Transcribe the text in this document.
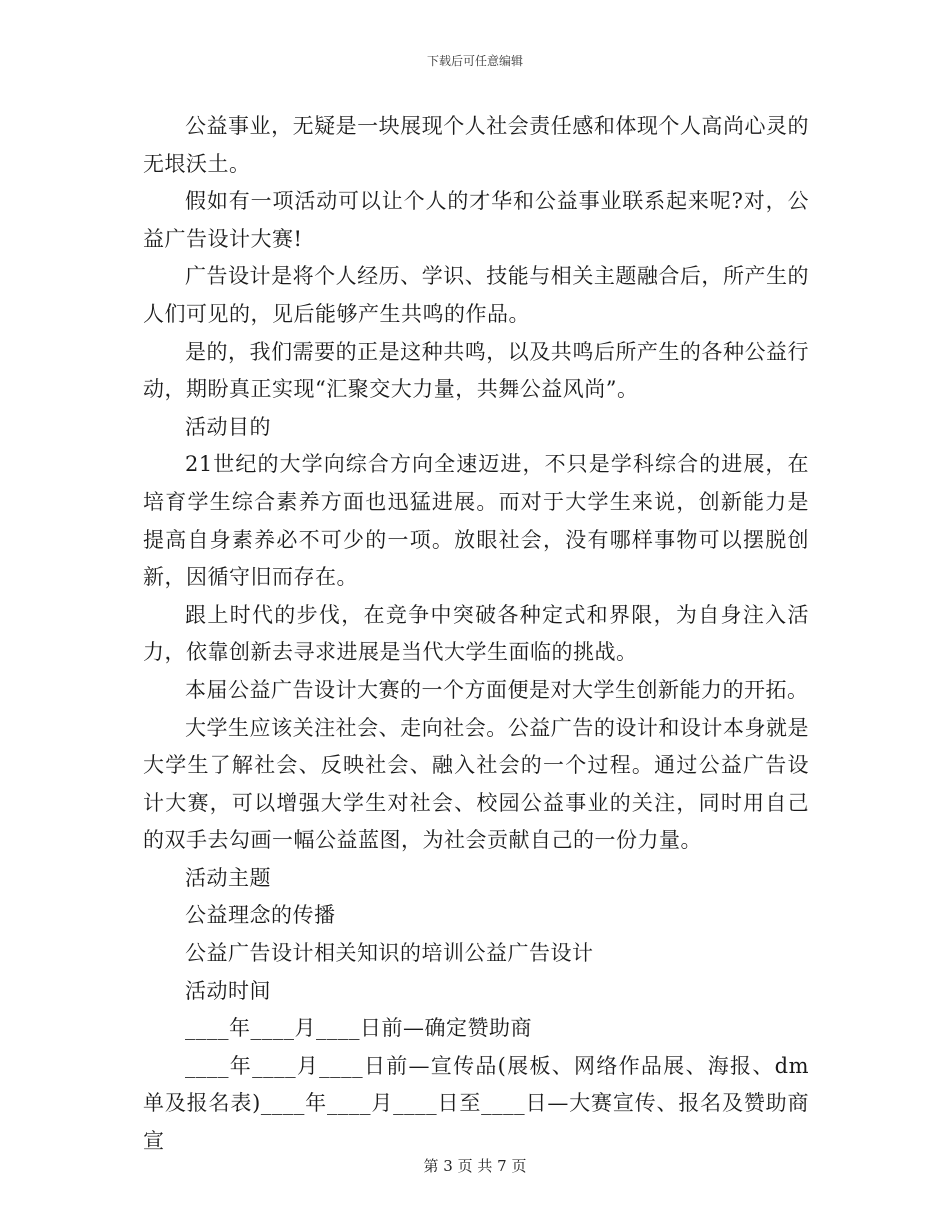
下载后可任意编辑

公益事业，无疑是一块展现个人社会责任感和体现个人高尚心灵的无垠沃土。

假如有一项活动可以让个人的才华和公益事业联系起来呢?对，公益广告设计大赛!

广告设计是将个人经历、学识、技能与相关主题融合后，所产生的人们可见的，见后能够产生共鸣的作品。

是的，我们需要的正是这种共鸣，以及共鸣后所产生的各种公益行动，期盼真正实现“汇聚交大力量，共舞公益风尚”。

活动目的

21世纪的大学向综合方向全速迈进，不只是学科综合的进展，在培育学生综合素养方面也迅猛进展。而对于大学生来说，创新能力是提高自身素养必不可少的一项。放眼社会，没有哪样事物可以摆脱创新，因循守旧而存在。

跟上时代的步伐，在竞争中突破各种定式和界限，为自身注入活力，依靠创新去寻求进展是当代大学生面临的挑战。

本届公益广告设计大赛的一个方面便是对大学生创新能力的开拓。

大学生应该关注社会、走向社会。公益广告的设计和设计本身就是大学生了解社会、反映社会、融入社会的一个过程。通过公益广告设计大赛，可以增强大学生对社会、校园公益事业的关注，同时用自己的双手去勾画一幅公益蓝图，为社会贡献自己的一份力量。

活动主题

公益理念的传播

公益广告设计相关知识的培训公益广告设计

活动时间

____年____月____日前—确定赞助商

____年____月____日前—宣传品(展板、网络作品展、海报、dm单及报名表)____年____月____日至____日—大赛宣传、报名及赞助商宣

第 3 页 共 7 页
